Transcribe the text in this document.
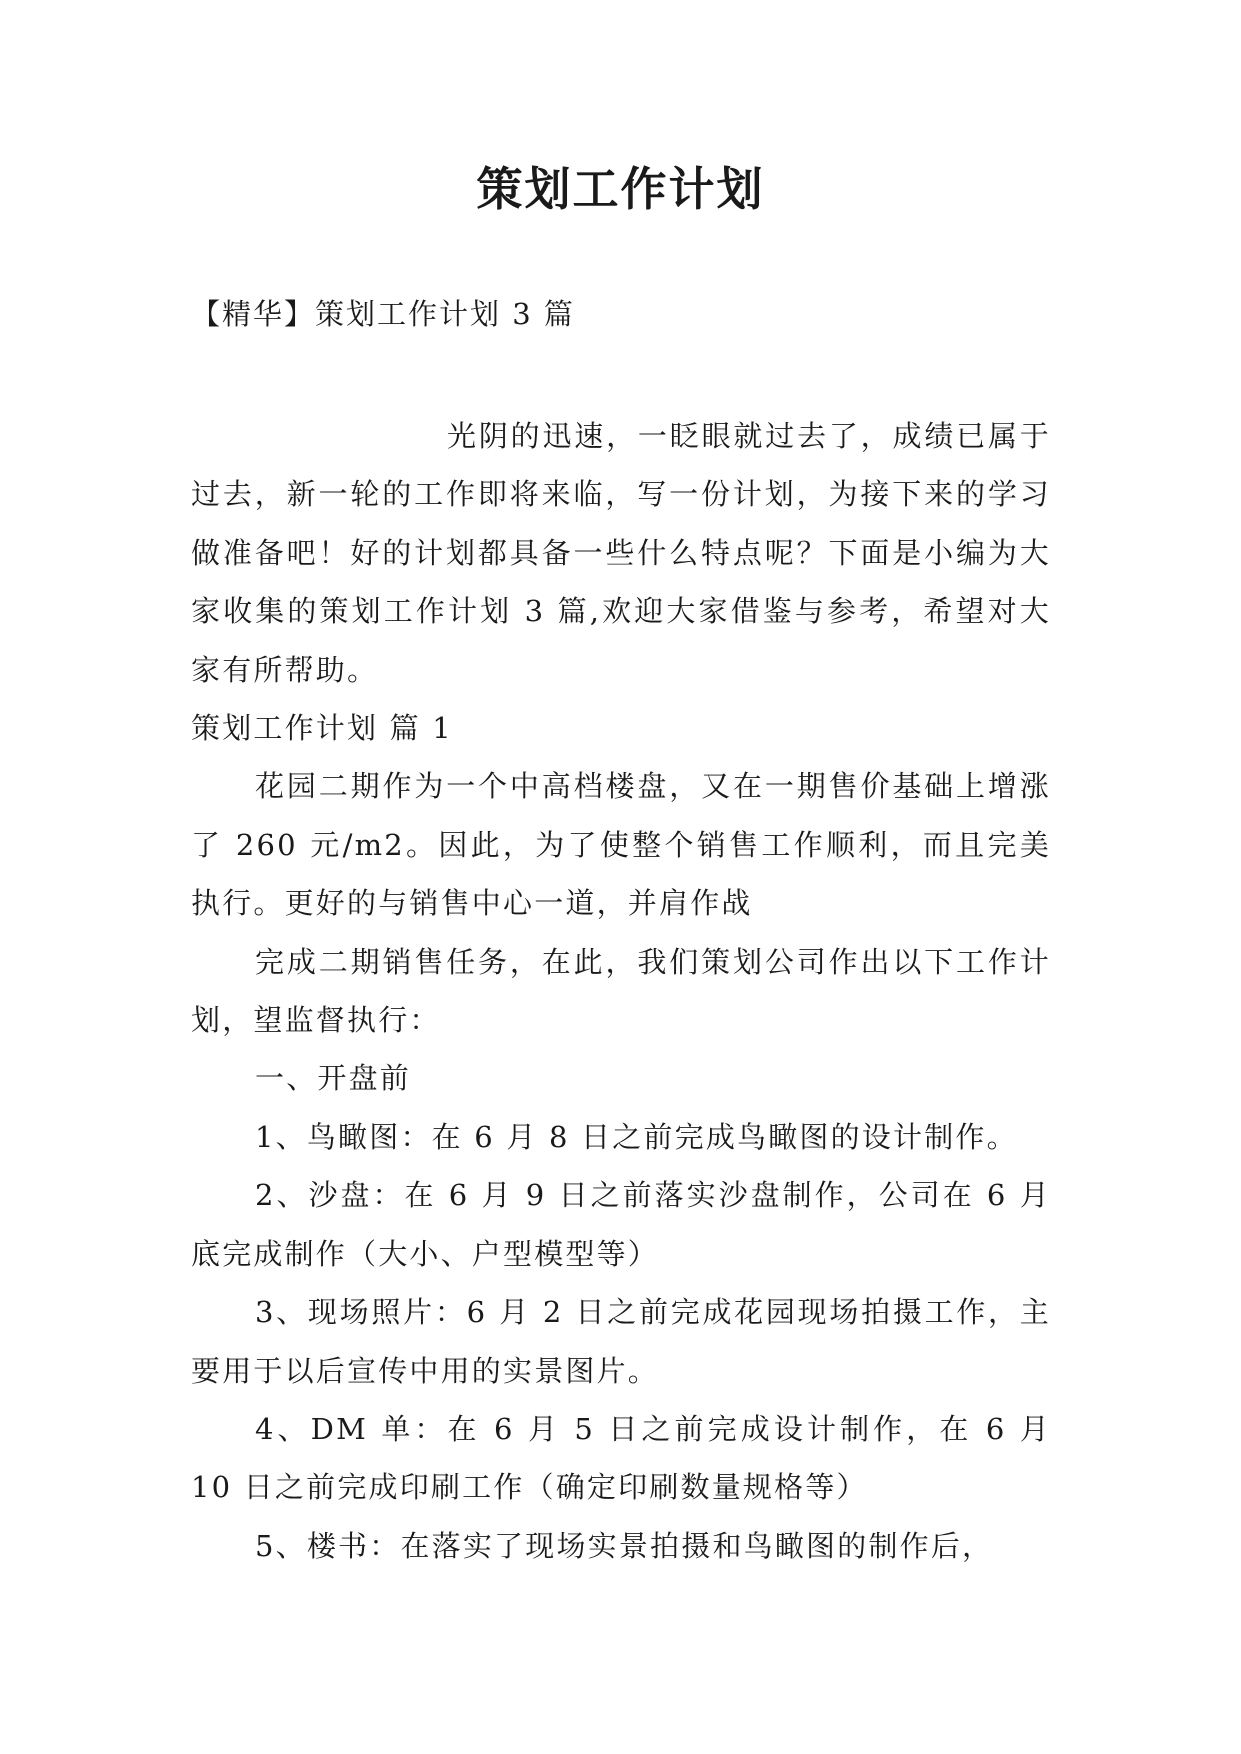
策划工作计划
【精华】策划工作计划 3 篇

光阴的迅速，一眨眼就过去了，成绩已属于过去，新一轮的工作即将来临，写一份计划，为接下来的学习做准备吧！好的计划都具备一些什么特点呢？下面是小编为大家收集的策划工作计划 3 篇,欢迎大家借鉴与参考，希望对大家有所帮助。

策划工作计划 篇 1

花园二期作为一个中高档楼盘，又在一期售价基础上增涨了 260 元/m2。因此，为了使整个销售工作顺利，而且完美执行。更好的与销售中心一道，并肩作战

完成二期销售任务，在此，我们策划公司作出以下工作计划，望监督执行：

一、开盘前

1、鸟瞰图：在 6 月 8 日之前完成鸟瞰图的设计制作。

2、沙盘：在 6 月 9 日之前落实沙盘制作，公司在 6 月底完成制作（大小、户型模型等）

3、现场照片：6 月 2 日之前完成花园现场拍摄工作，主要用于以后宣传中用的实景图片。

4、DM 单：在 6 月 5 日之前完成设计制作，在 6 月 10 日之前完成印刷工作（确定印刷数量规格等）

5、楼书：在落实了现场实景拍摄和鸟瞰图的制作后，
